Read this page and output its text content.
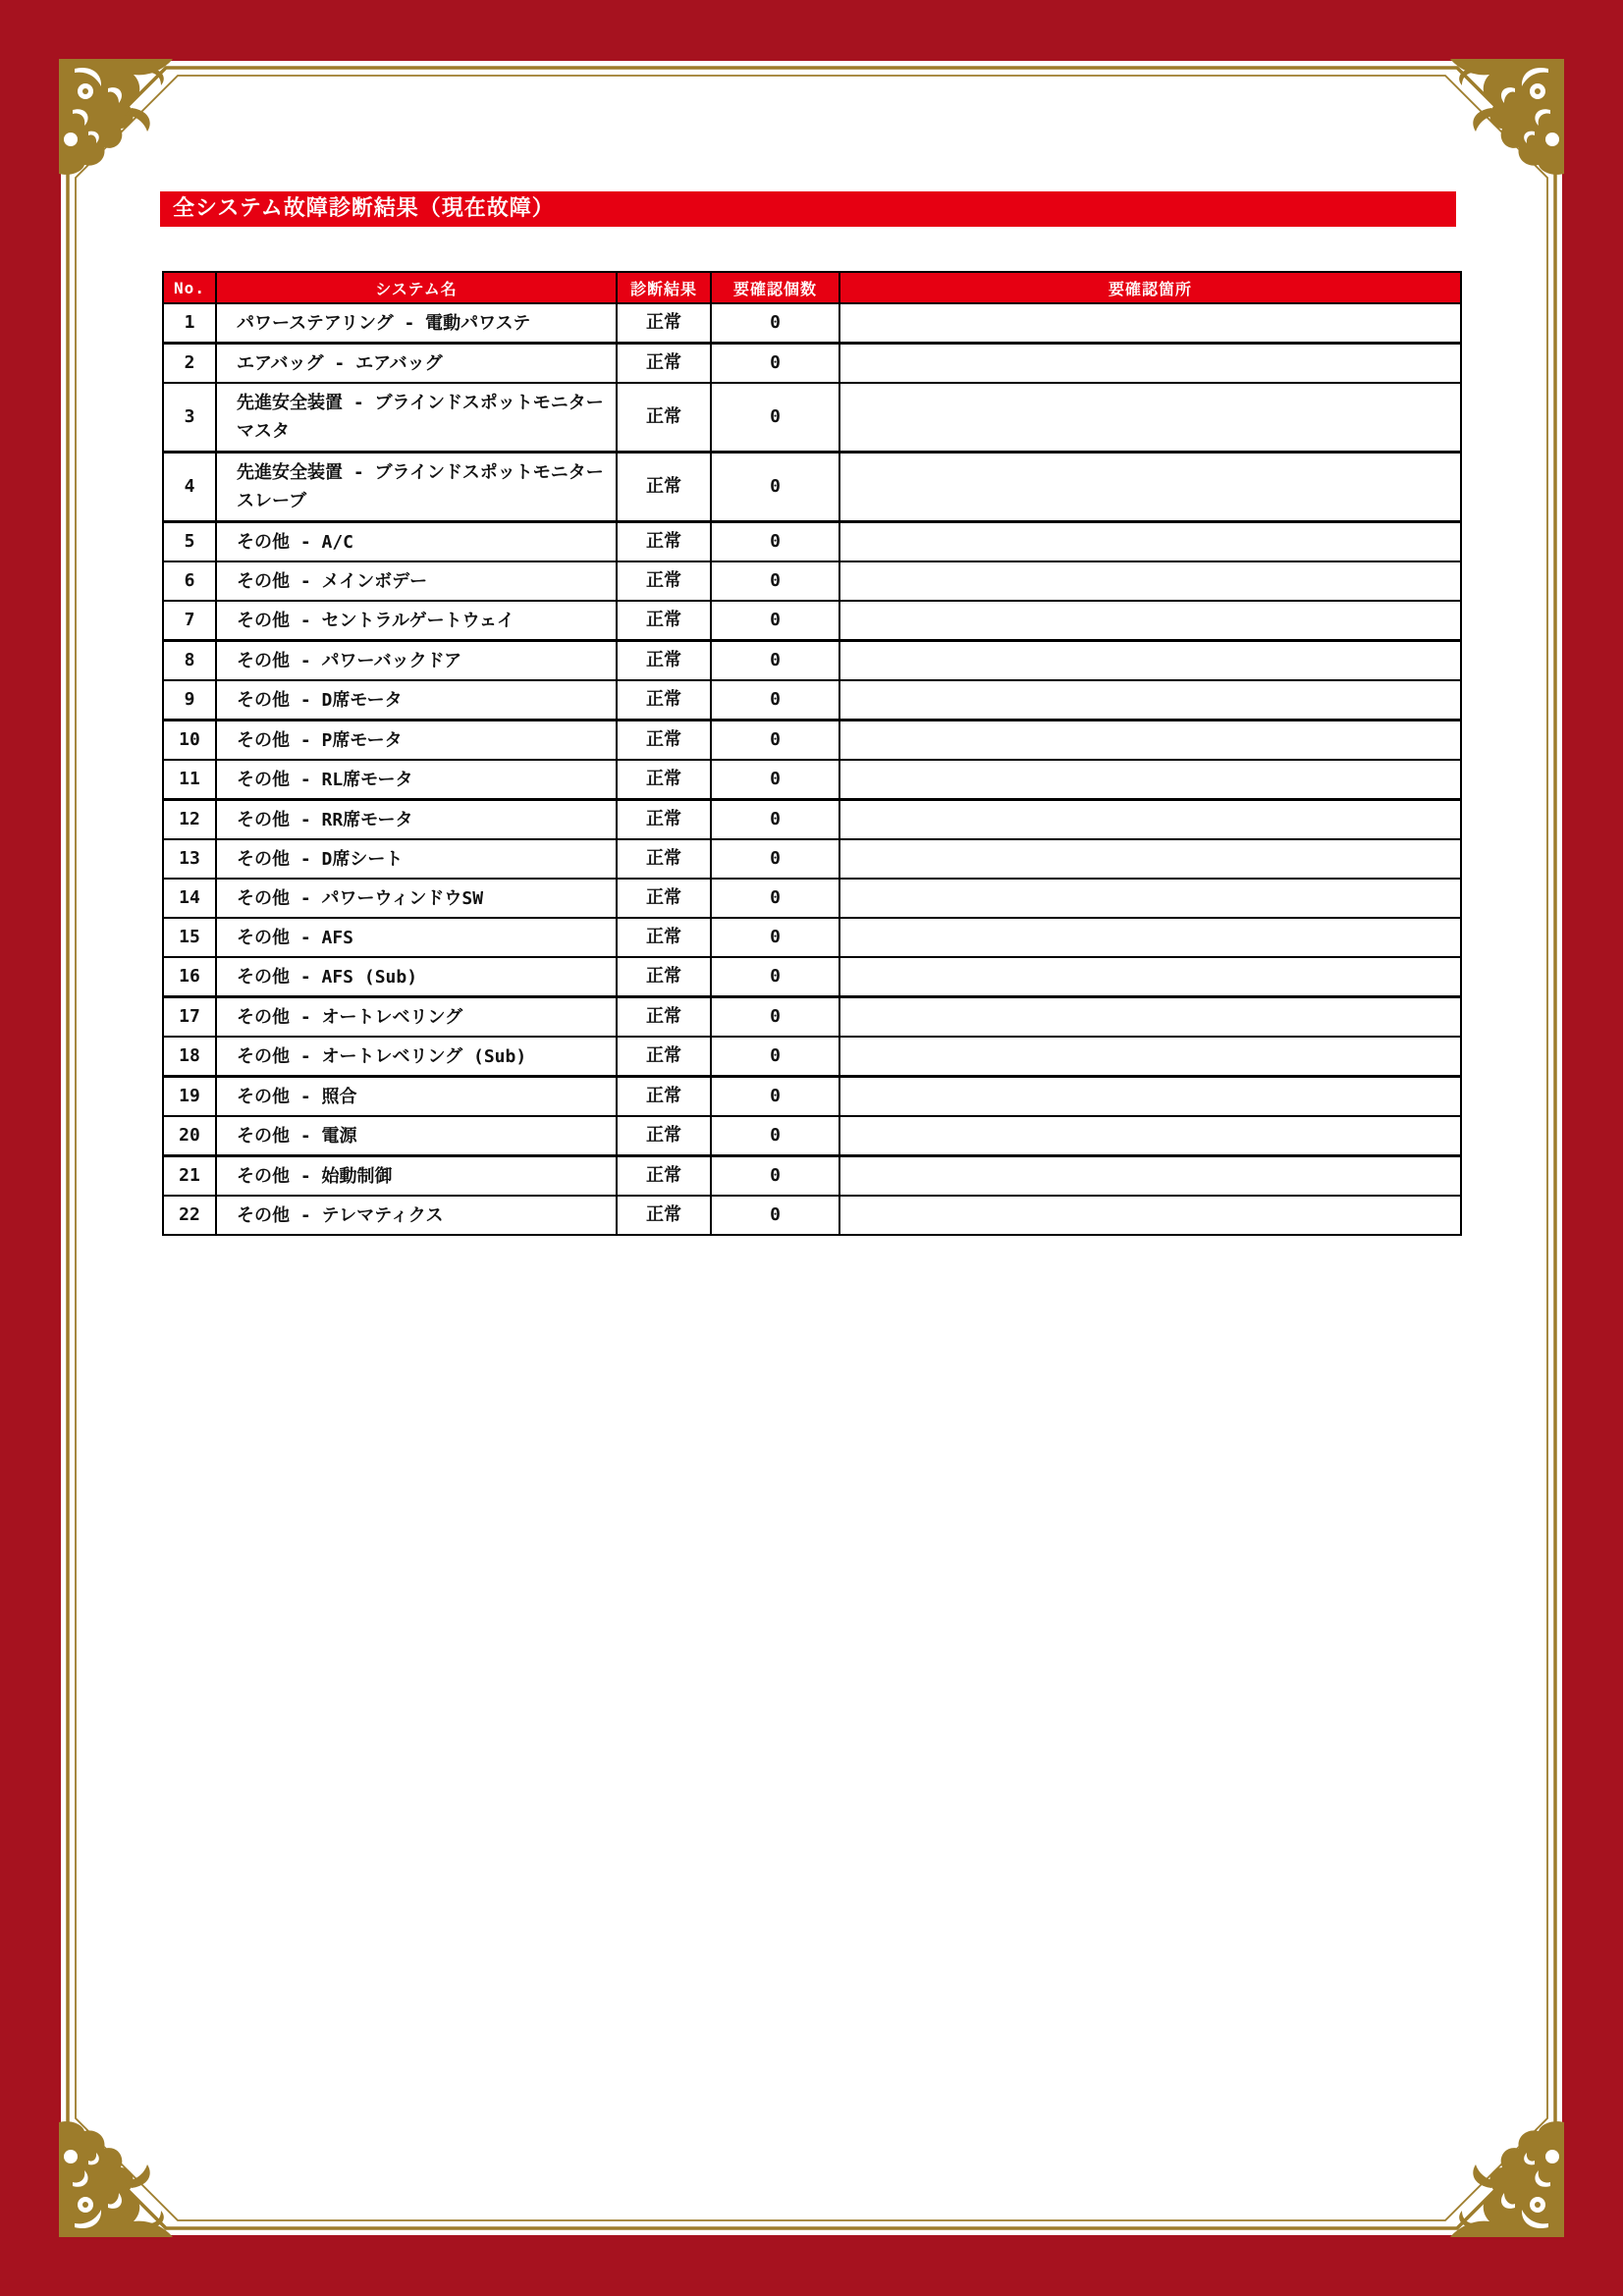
全システム故障診断結果（現在故障）
No.	システム名	診断結果	要確認個数	要確認箇所
1	パワーステアリング - 電動パワステ	正常	0	
2	エアバッグ - エアバッグ	正常	0	
3	先進安全装置 - ブラインドスポットモニター マスタ	正常	0	
4	先進安全装置 - ブラインドスポットモニター スレーブ	正常	0	
5	その他 - A/C	正常	0	
6	その他 - メインボデー	正常	0	
7	その他 - セントラルゲートウェイ	正常	0	
8	その他 - パワーバックドア	正常	0	
9	その他 - D席モータ	正常	0	
10	その他 - P席モータ	正常	0	
11	その他 - RL席モータ	正常	0	
12	その他 - RR席モータ	正常	0	
13	その他 - D席シート	正常	0	
14	その他 - パワーウィンドウSW	正常	0	
15	その他 - AFS	正常	0	
16	その他 - AFS (Sub)	正常	0	
17	その他 - オートレベリング	正常	0	
18	その他 - オートレベリング (Sub)	正常	0	
19	その他 - 照合	正常	0	
20	その他 - 電源	正常	0	
21	その他 - 始動制御	正常	0	
22	その他 - テレマティクス	正常	0	
